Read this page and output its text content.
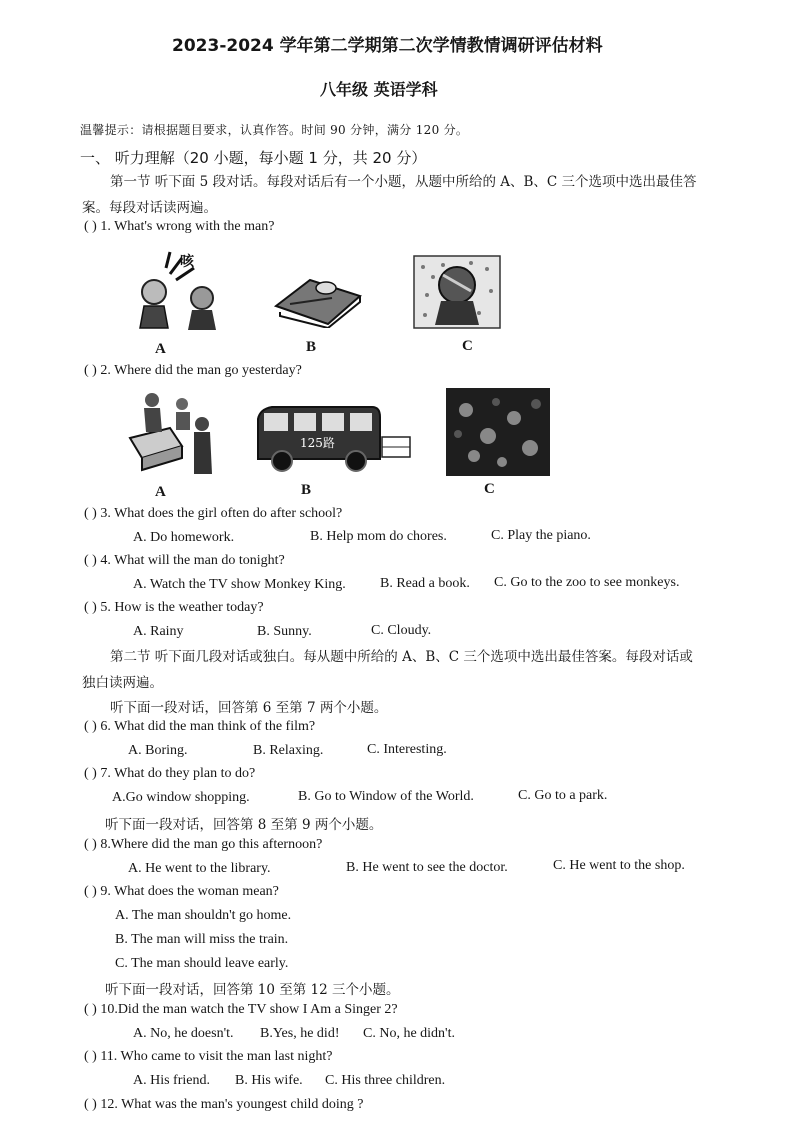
2023-2024 学年第二学期第二次学情教情调研评估材料
八年级 英语学科
温馨提示：请根据题目要求，认真作答。时间 90 分钟，满分 120 分。
一、 听力理解（20 小题，每小题 1 分，共 20 分）
第一节 听下面 5 段对话。每段对话后有一个小题，从题中所给的 A、B、C 三个选项中选出最佳答
案。每段对话读两遍。
( ) 1. What's wrong with the man?
咳
A	B	C
( ) 2. Where did the man go yesterday?
125路
A	B	C
( ) 3. What does the girl often do after school?
A. Do homework.	B. Help mom do chores.	C. Play the piano.
( ) 4. What will the man do tonight?
A. Watch the TV show Monkey King. B. Read a book. C. Go to the zoo to see monkeys.
( ) 5. How is the weather today?
A. Rainy	B. Sunny.	C. Cloudy.
第二节 听下面几段对话或独白。每从题中所给的 A、B、C 三个选项中选出最佳答案。每段对话或
独白读两遍。
听下面一段对话，回答第 6 至第 7 两个小题。
( ) 6. What did the man think of the film?
A. Boring.	B. Relaxing.	C. Interesting.
( ) 7. What do they plan to do?
A.Go window shopping.	B. Go to Window of the World.	C. Go to a park.
听下面一段对话，回答第 8 至第 9 两个小题。
( ) 8.Where did the man go this afternoon?
A. He went to the library.	B. He went to see the doctor.	C. He went to the shop.
( ) 9. What does the woman mean?
A. The man shouldn't go home.
B. The man will miss the train.
C. The man should leave early.
听下面一段对话，回答第 10 至第 12 三个小题。
( ) 10.Did the man watch the TV show I Am a Singer 2?
A. No, he doesn't. B.Yes, he did! C. No, he didn't.
( ) 11. Who came to visit the man last night?
A. His friend. B. His wife. C. His three children.
( ) 12. What was the man's youngest child doing ?
